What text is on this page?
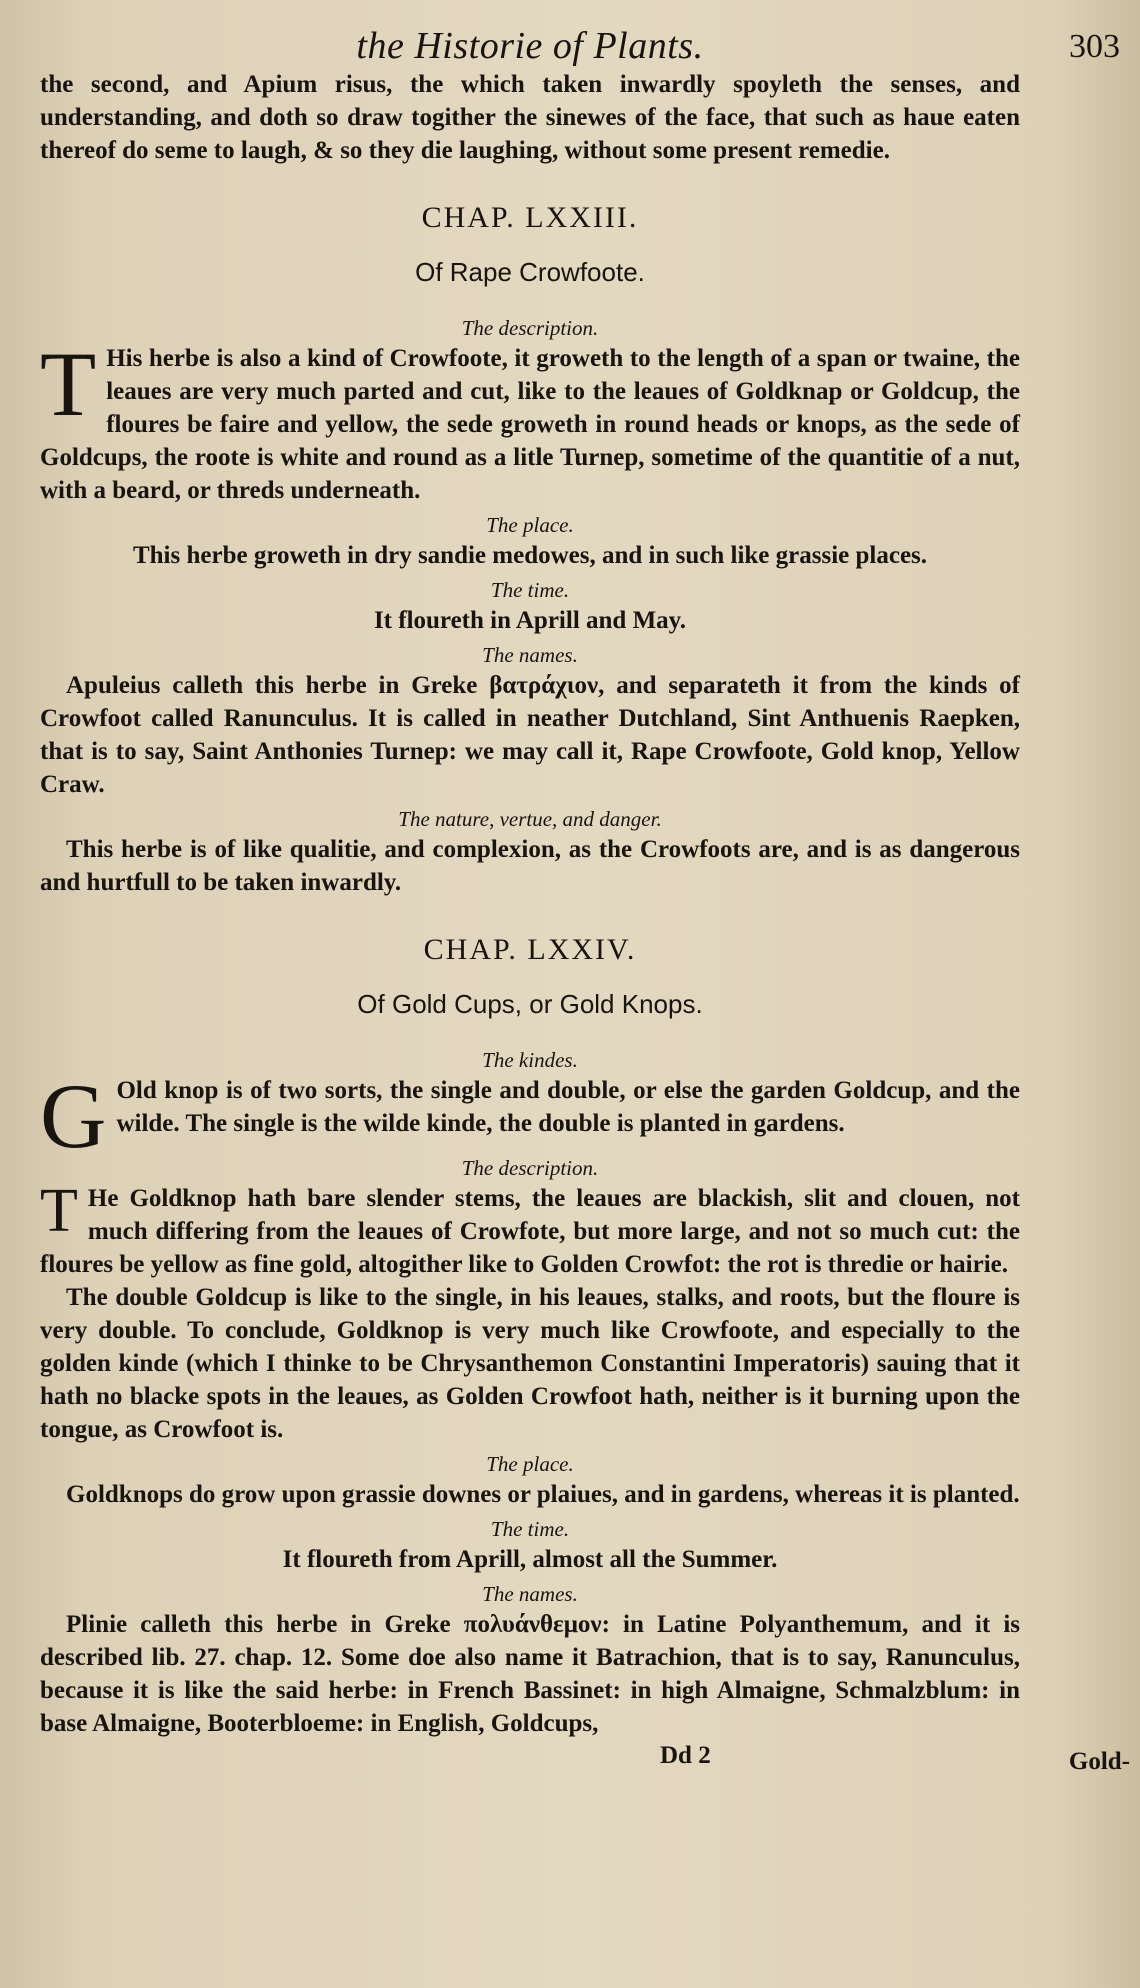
the Historie of Plants.	303

the second, and Apium risus, the which taken inwardly spoyleth the senses, and understanding, and doth so draw togither the sinewes of the face, that such as haue eaten thereof do seme to laugh, & so they die laughing, without some present remedie.

CHAP. LXXIII.
Of Rape Crowfoote.
The description.

T His herbe is also a kind of Crowfoote, it groweth to the length of a span or twaine, the leaues are very much parted and cut, like to the leaues of Goldknap or Goldcup, the floures be faire and yellow, the sede groweth in round heads or knops, as the sede of Goldcups, the roote is white and round as a litle Turnep, sometime of the quantitie of a nut, with a beard, or threds underneath.

The place.

This herbe groweth in dry sandie medowes, and in such like grassie places.

The time.

It floureth in Aprill and May.

The names.

Apuleius calleth this herbe in Greke βατράχιον, and separateth it from the kinds of Crowfoot called Ranunculus. It is called in neather Dutchland, Sint Anthuenis Raepken, that is to say, Saint Anthonies Turnep: we may call it, Rape Crowfoote, Gold knop, Yellow Craw.

The nature, vertue, and danger.

This herbe is of like qualitie, and complexion, as the Crowfoots are, and is as dangerous and hurtfull to be taken inwardly.

CHAP. LXXIV.
Of Gold Cups, or Gold Knops.
The kindes.

G Old knop is of two sorts, the single and double, or else the garden Goldcup, and the wilde. The single is the wilde kinde, the double is planted in gardens.

The description.

T He Goldknop hath bare slender stems, the leaues are blackish, slit and clouen, not much differing from the leaues of Crowfote, but more large, and not so much cut: the floures be yellow as fine gold, altogither like to Golden Crowfot: the rot is thredie or hairie.

The double Goldcup is like to the single, in his leaues, stalks, and roots, but the floure is very double. To conclude, Goldknop is very much like Crowfoote, and especially to the golden kinde (which I thinke to be Chrysanthemon Constantini Imperatoris) sauing that it hath no blacke spots in the leaues, as Golden Crowfoot hath, neither is it burning upon the tongue, as Crowfoot is.

The place.

Goldknops do grow upon grassie downes or plaiues, and in gardens, whereas it is planted.

The time.

It floureth from Aprill, almost all the Summer.

The names.

Plinie calleth this herbe in Greke πολυάνθεμον: in Latine Polyanthemum, and it is described lib. 27. chap. 12. Some doe also name it Batrachion, that is to say, Ranunculus, because it is like the said herbe: in French Bassinet: in high Almaigne, Schmalzblum: in base Almaigne, Booterbloeme: in English, Goldcups,

Dd 2	Gold-
